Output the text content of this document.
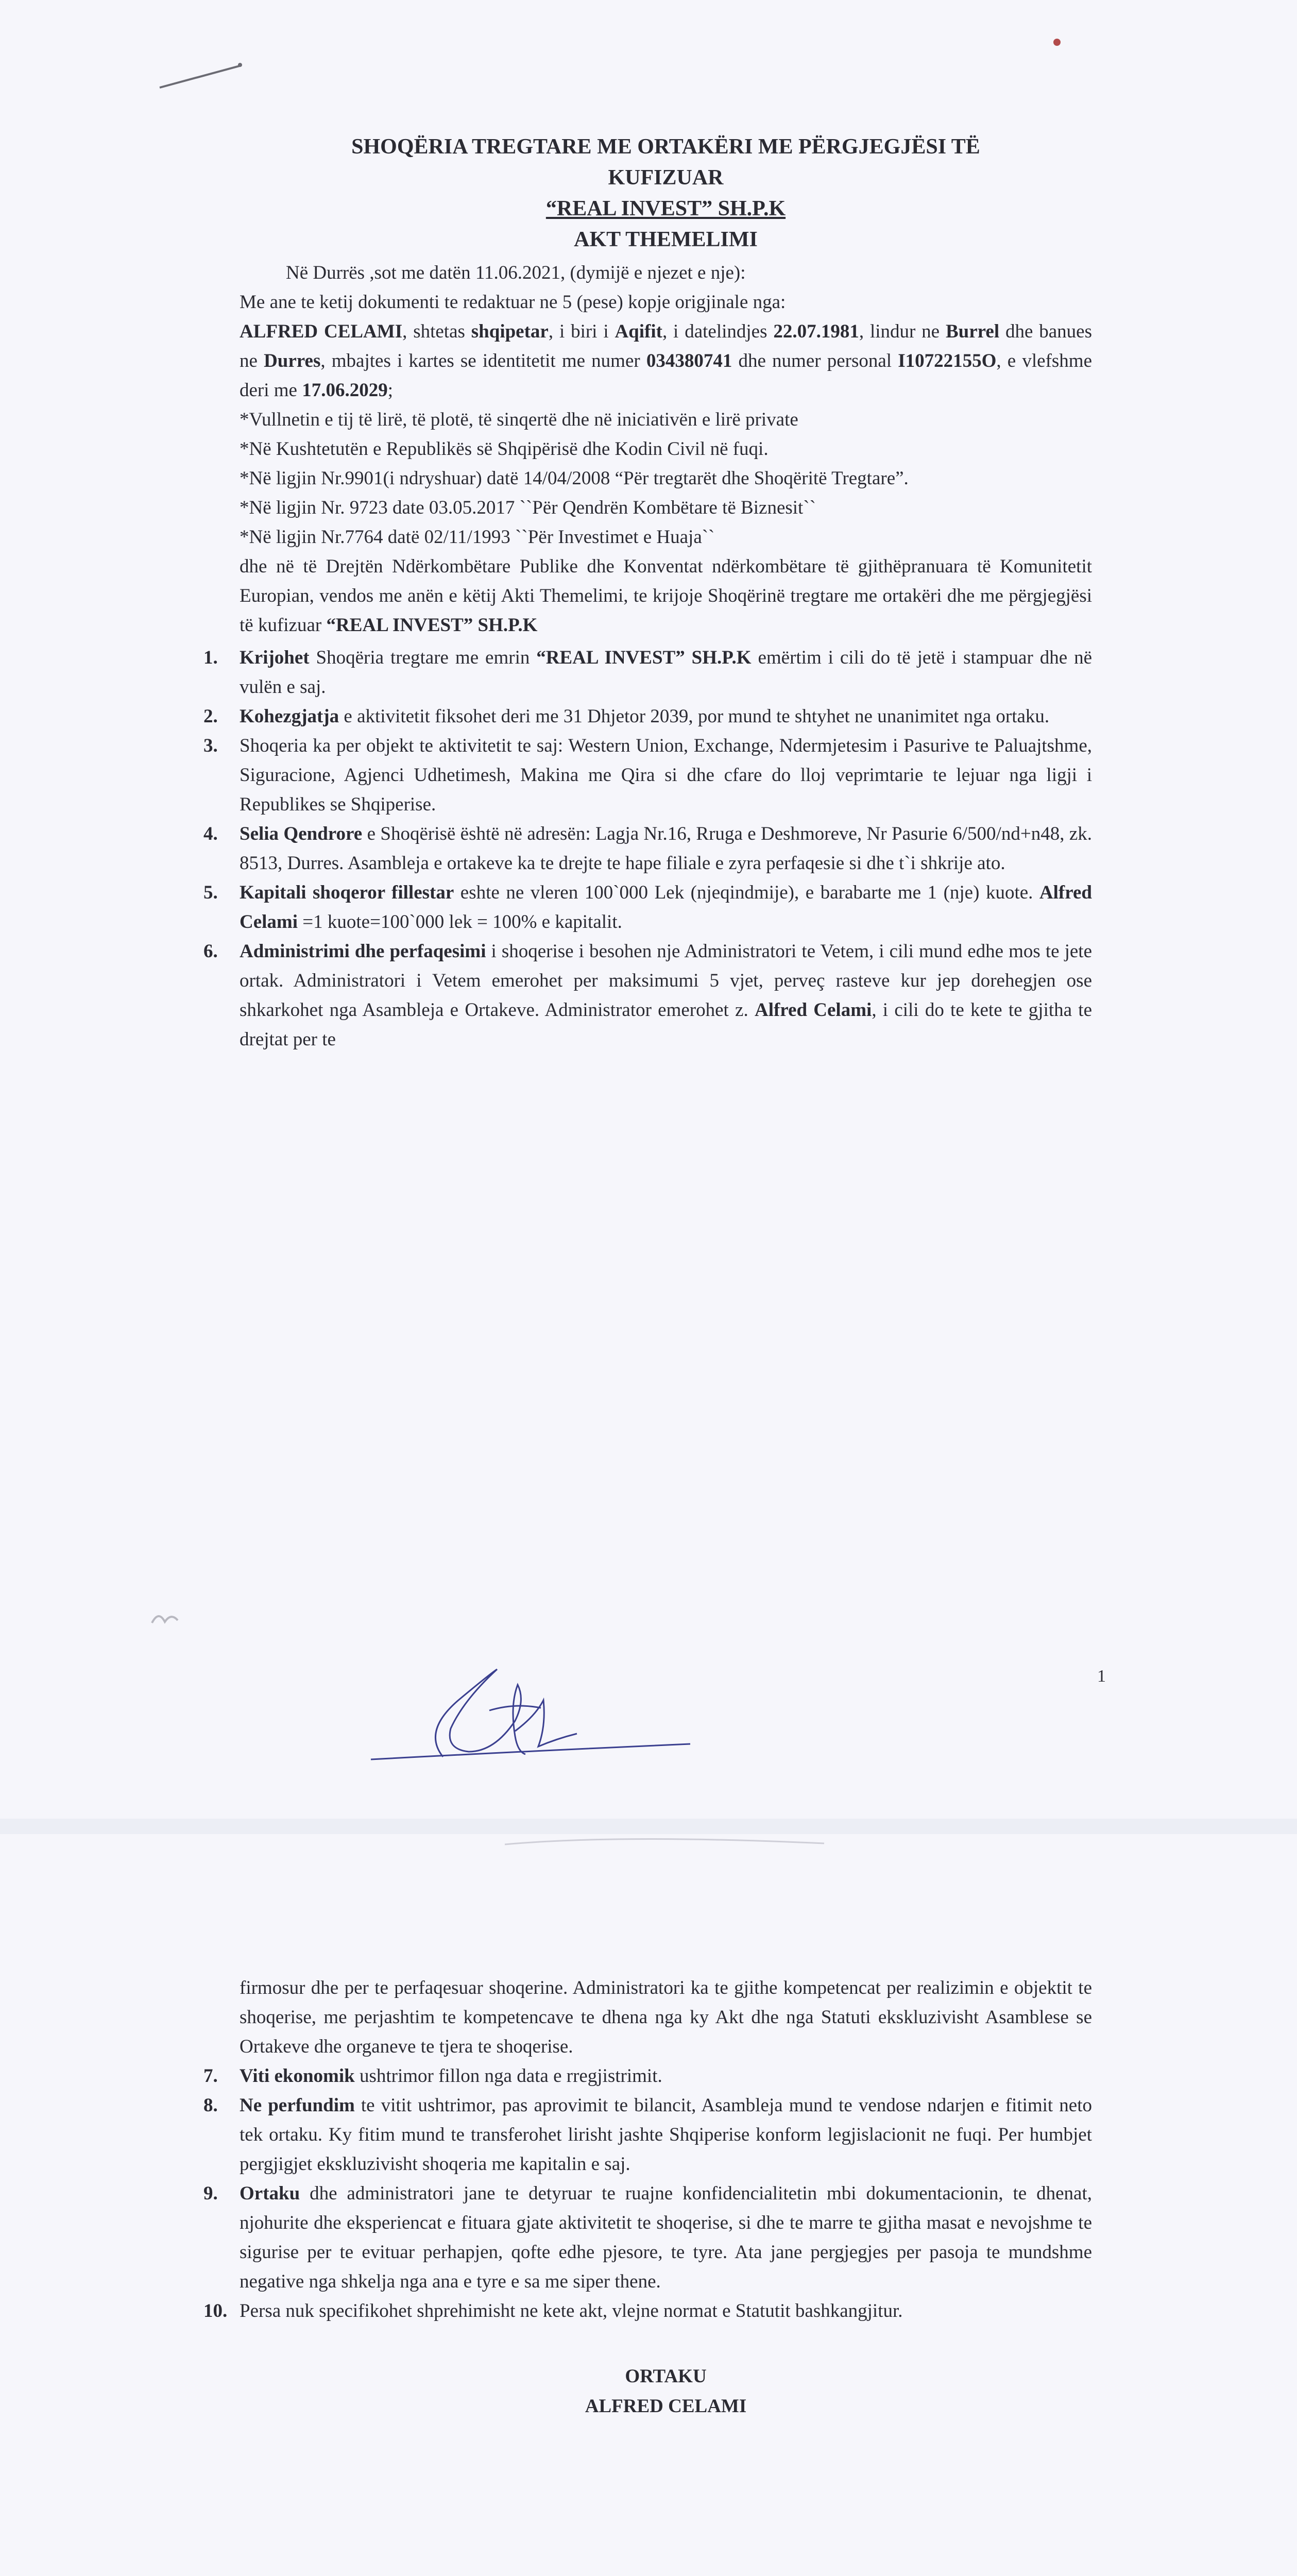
SHOQËRIA TREGTARE ME ORTAKËRI ME PËRGJEGJËSI TË
KUFIZUAR
“REAL INVEST” SH.P.K
AKT THEMELIMI

Në Durrës ,sot me datën 11.06.2021, (dymijë e njezet e nje):

Me ane te ketij dokumenti te redaktuar ne 5 (pese) kopje origjinale nga:

ALFRED CELAMI, shtetas shqipetar, i biri i Aqifit, i datelindjes 22.07.1981, lindur ne Burrel dhe banues ne Durres, mbajtes i kartes se identitetit me numer 034380741 dhe numer personal I10722155O, e vlefshme deri me 17.06.2029;

*Vullnetin e tij të lirë, të plotë, të sinqertë dhe në iniciativën e lirë private

*Në Kushtetutën e Republikës së Shqipërisë dhe Kodin Civil në fuqi.

*Në ligjin Nr.9901(i ndryshuar) datë 14/04/2008 “Për tregtarët dhe Shoqëritë Tregtare”.

*Në ligjin Nr. 9723 date 03.05.2017 ``Për Qendrën Kombëtare të Biznesit``

*Në ligjin Nr.7764 datë 02/11/1993 ``Për Investimet e Huaja``

dhe në të Drejtën Ndërkombëtare Publike dhe Konventat ndërkombëtare të gjithëpranuara të Komunitetit Europian, vendos me anën e këtij Akti Themelimi, te krijoje Shoqërinë tregtare me ortakëri dhe me përgjegjësi të kufizuar “REAL INVEST” SH.P.K

1. Krijohet Shoqëria tregtare me emrin “REAL INVEST” SH.P.K emërtim i cili do të jetë i stampuar dhe në vulën e saj.
2. Kohezgjatja e aktivitetit fiksohet deri me 31 Dhjetor 2039, por mund te shtyhet ne unanimitet nga ortaku.
3. Shoqeria ka per objekt te aktivitetit te saj: Western Union, Exchange, Ndermjetesim i Pasurive te Paluajtshme, Siguracione, Agjenci Udhetimesh, Makina me Qira si dhe cfare do lloj veprimtarie te lejuar nga ligji i Republikes se Shqiperise.
4. Selia Qendrore e Shoqërisë është në adresën: Lagja Nr.16, Rruga e Deshmoreve, Nr Pasurie 6/500/nd+n48, zk. 8513, Durres. Asambleja e ortakeve ka te drejte te hape filiale e zyra perfaqesie si dhe t`i shkrije ato.
5. Kapitali shoqeror fillestar eshte ne vleren 100`000 Lek (njeqindmije), e barabarte me 1 (nje) kuote. Alfred Celami =1 kuote=100`000 lek = 100% e kapitalit.
6. Administrimi dhe perfaqesimi i shoqerise i besohen nje Administratori te Vetem, i cili mund edhe mos te jete ortak. Administratori i Vetem emerohet per maksimumi 5 vjet, perveç rasteve kur jep dorehegjen ose shkarkohet nga Asambleja e Ortakeve. Administrator emerohet z. Alfred Celami, i cili do te kete te gjitha te drejtat per te
1

firmosur dhe per te perfaqesuar shoqerine. Administratori ka te gjithe kompetencat per realizimin e objektit te shoqerise, me perjashtim te kompetencave te dhena nga ky Akt dhe nga Statuti ekskluzivisht Asamblese se Ortakeve dhe organeve te tjera te shoqerise.

7. Viti ekonomik ushtrimor fillon nga data e rregjistrimit.
8. Ne perfundim te vitit ushtrimor, pas aprovimit te bilancit, Asambleja mund te vendose ndarjen e fitimit neto tek ortaku. Ky fitim mund te transferohet lirisht jashte Shqiperise konform legjislacionit ne fuqi. Per humbjet pergjigjet ekskluzivisht shoqeria me kapitalin e saj.
9. Ortaku dhe administratori jane te detyruar te ruajne konfidencialitetin mbi dokumentacionin, te dhenat, njohurite dhe eksperiencat e fituara gjate aktivitetit te shoqerise, si dhe te marre te gjitha masat e nevojshme te sigurise per te evituar perhapjen, qofte edhe pjesore, te tyre. Ata jane pergjegjes per pasoja te mundshme negative nga shkelja nga ana e tyre e sa me siper thene.
10. Persa nuk specifikohet shprehimisht ne kete akt, vlejne normat e Statutit bashkangjitur.
ORTAKU
ALFRED CELAMI
